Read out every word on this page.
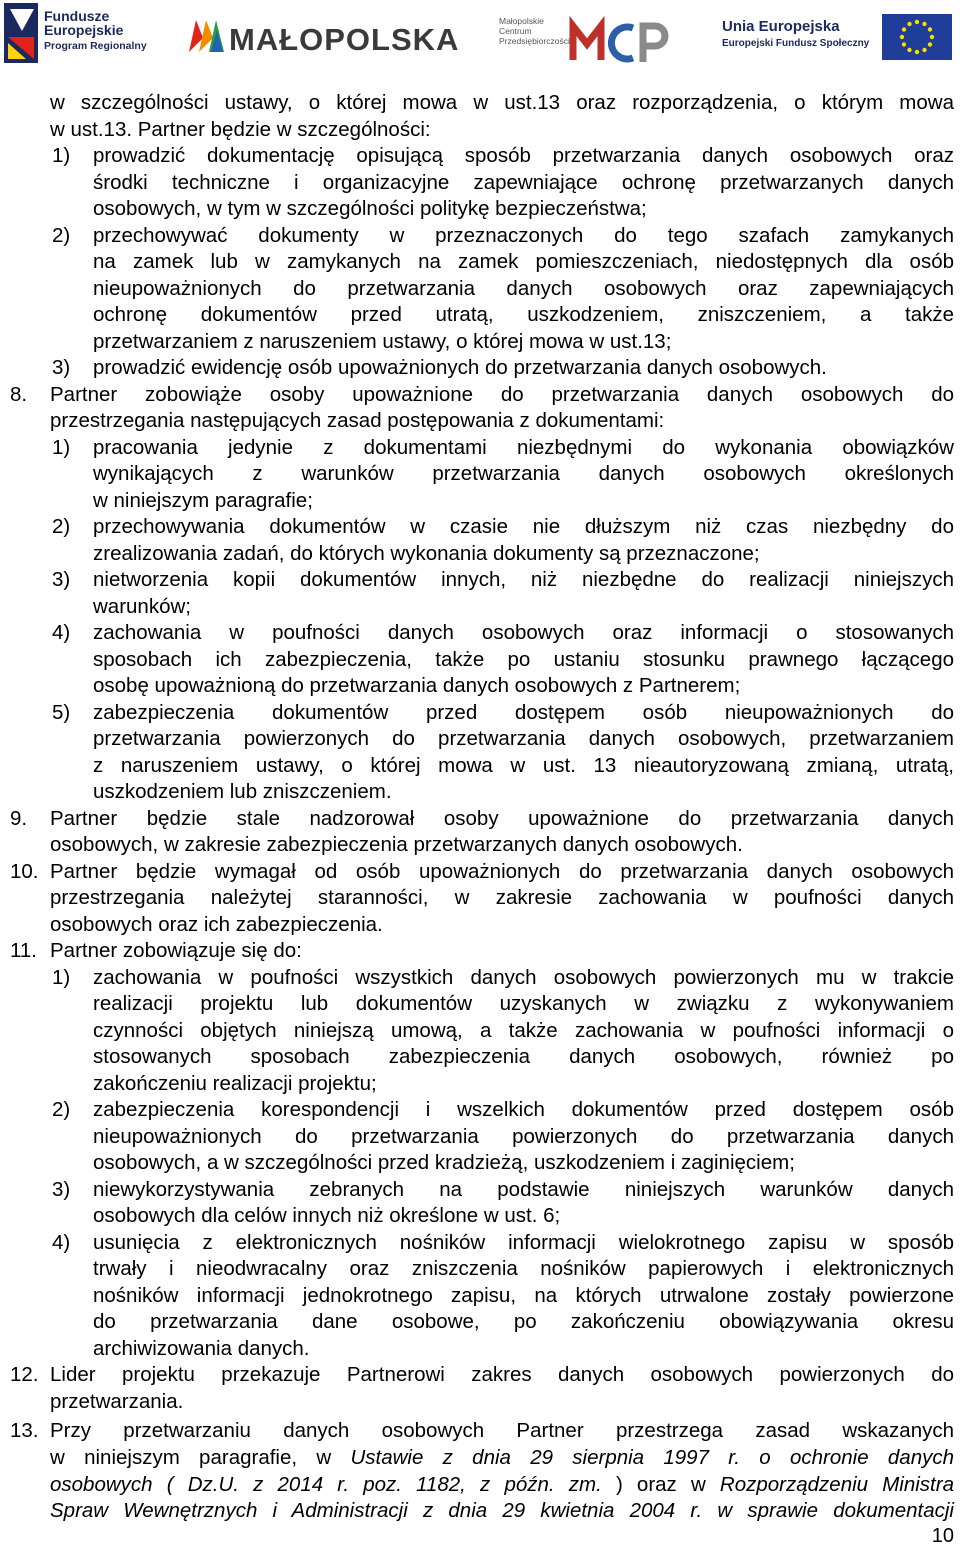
Fundusze
Europejskie
Program Regionalny	MAŁOPOLSKA
Małopolskie
Centrum
Przedsiębiorczości
Unia Europejska
Europejski Fundusz Społeczny
w szczególności ustawy, o której mowa w ust.13 oraz rozporządzenia, o którym mowa
w ust.13. Partner będzie w szczególności:
1) prowadzić dokumentację opisującą sposób przetwarzania danych osobowych oraz
środki techniczne i organizacyjne zapewniające ochronę przetwarzanych danych
osobowych, w tym w szczególności politykę bezpieczeństwa;
2) przechowywać dokumenty w przeznaczonych do tego szafach zamykanych
na zamek lub w zamykanych na zamek pomieszczeniach, niedostępnych dla osób
nieupoważnionych do przetwarzania danych osobowych oraz zapewniających
ochronę dokumentów przed utratą, uszkodzeniem, zniszczeniem, a także
przetwarzaniem z naruszeniem ustawy, o której mowa w ust.13;
3) prowadzić ewidencję osób upoważnionych do przetwarzania danych osobowych.
8. Partner zobowiąże osoby upoważnione do przetwarzania danych osobowych do
przestrzegania następujących zasad postępowania z dokumentami:
1) pracowania jedynie z dokumentami niezbędnymi do wykonania obowiązków
wynikających z warunków przetwarzania danych osobowych określonych
w niniejszym paragrafie;
2) przechowywania dokumentów w czasie nie dłuższym niż czas niezbędny do
zrealizowania zadań, do których wykonania dokumenty są przeznaczone;
3) nietworzenia kopii dokumentów innych, niż niezbędne do realizacji niniejszych
warunków;
4) zachowania w poufności danych osobowych oraz informacji o stosowanych
sposobach ich zabezpieczenia, także po ustaniu stosunku prawnego łączącego
osobę upoważnioną do przetwarzania danych osobowych z Partnerem;
5) zabezpieczenia dokumentów przed dostępem osób nieupoważnionych do
przetwarzania powierzonych do przetwarzania danych osobowych, przetwarzaniem
z naruszeniem ustawy, o której mowa w ust. 13 nieautoryzowaną zmianą, utratą,
uszkodzeniem lub zniszczeniem.
9. Partner będzie stale nadzorował osoby upoważnione do przetwarzania danych
osobowych, w zakresie zabezpieczenia przetwarzanych danych osobowych.
10. Partner będzie wymagał od osób upoważnionych do przetwarzania danych osobowych
przestrzegania należytej staranności, w zakresie zachowania w poufności danych
osobowych oraz ich zabezpieczenia.
11. Partner zobowiązuje się do:
1) zachowania w poufności wszystkich danych osobowych powierzonych mu w trakcie
realizacji projektu lub dokumentów uzyskanych w związku z wykonywaniem
czynności objętych niniejszą umową, a także zachowania w poufności informacji o
stosowanych sposobach zabezpieczenia danych osobowych, również po
zakończeniu realizacji projektu;
2) zabezpieczenia korespondencji i wszelkich dokumentów przed dostępem osób
nieupoważnionych do przetwarzania powierzonych do przetwarzania danych
osobowych, a w szczególności przed kradzieżą, uszkodzeniem i zaginięciem;
3) niewykorzystywania zebranych na podstawie niniejszych warunków danych
osobowych dla celów innych niż określone w ust. 6;
4) usunięcia z elektronicznych nośników informacji wielokrotnego zapisu w sposób
trwały i nieodwracalny oraz zniszczenia nośników papierowych i elektronicznych
nośników informacji jednokrotnego zapisu, na których utrwalone zostały powierzone
do przetwarzania dane osobowe, po zakończeniu obowiązywania okresu
archiwizowania danych.
12. Lider projektu przekazuje Partnerowi zakres danych osobowych powierzonych do
przetwarzania.
13. Przy przetwarzaniu danych osobowych Partner przestrzega zasad wskazanych
w niniejszym paragrafie, w Ustawie z dnia 29 sierpnia 1997 r. o ochronie danych
osobowych ( Dz.U. z 2014 r. poz. 1182, z późn. zm. ) oraz w Rozporządzeniu Ministra
Spraw Wewnętrznych i Administracji z dnia 29 kwietnia 2004 r. w sprawie dokumentacji
10
